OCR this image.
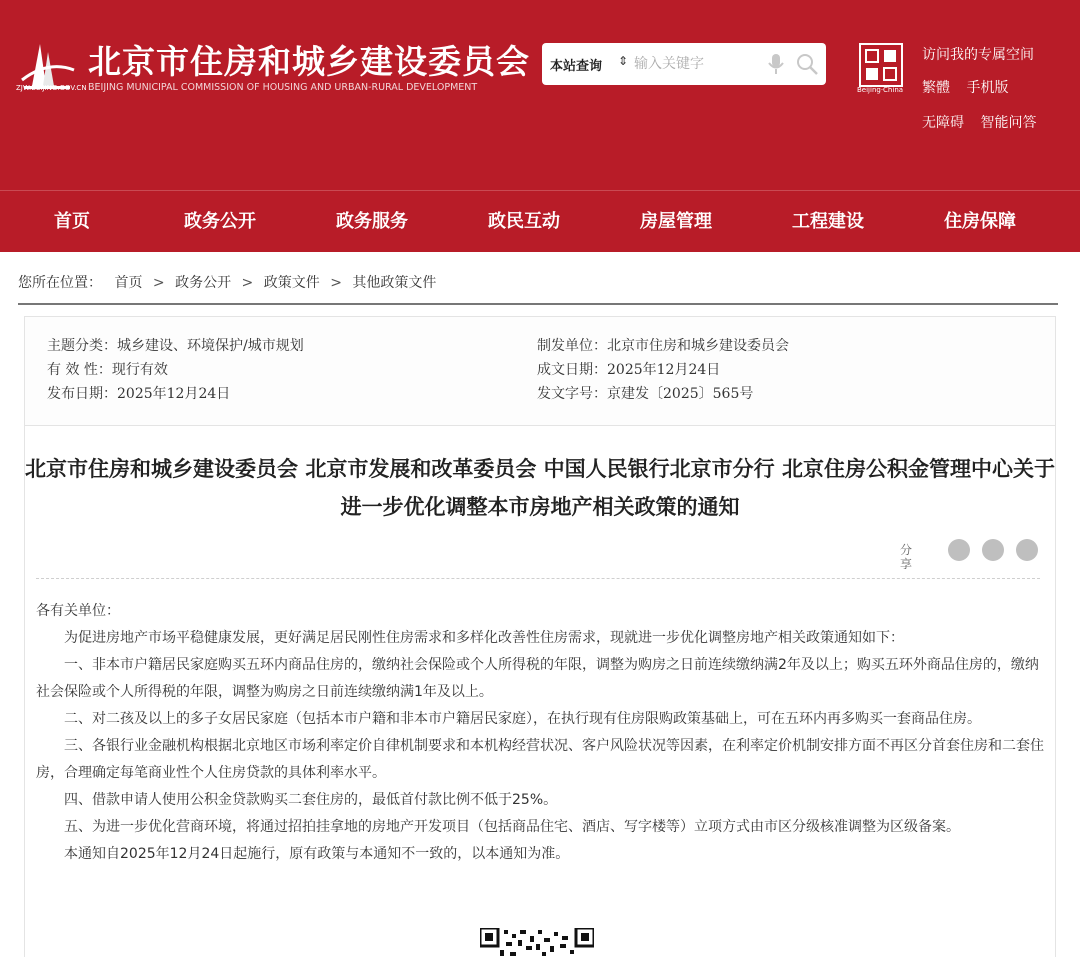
ZJW.BEIJING.GOV.CN
北京市住房和城乡建设委员会
BEIJING MUNICIPAL COMMISSION OF HOUSING AND URBAN-RURAL DEVELOPMENT
本站查询 ⇕
输入关键字
Beijing·China
访问我的专属空间
繁體 手机版
无障碍 智能问答
首页	政务公开	政务服务	政民互动	房屋管理	工程建设	住房保障
您所在位置： 首页 > 政务公开 > 政策文件 > 其他政策文件
主题分类：城乡建设、环境保护/城市规划
有 效 性：现行有效
发布日期：2025年12月24日
制发单位：北京市住房和城乡建设委员会
成文日期：2025年12月24日
发文字号：京建发〔2025〕565号
北京市住房和城乡建设委员会 北京市发展和改革委员会 中国人民银行北京市分行 北京住房公积金管理中心关于进一步优化调整本市房地产相关政策的通知
分享

各有关单位：

为促进房地产市场平稳健康发展，更好满足居民刚性住房需求和多样化改善性住房需求，现就进一步优化调整房地产相关政策通知如下：

一、非本市户籍居民家庭购买五环内商品住房的，缴纳社会保险或个人所得税的年限，调整为购房之日前连续缴纳满2年及以上；购买五环外商品住房的，缴纳社会保险或个人所得税的年限，调整为购房之日前连续缴纳满1年及以上。

二、对二孩及以上的多子女居民家庭（包括本市户籍和非本市户籍居民家庭），在执行现有住房限购政策基础上，可在五环内再多购买一套商品住房。

三、各银行业金融机构根据北京地区市场利率定价自律机制要求和本机构经营状况、客户风险状况等因素，在利率定价机制安排方面不再区分首套住房和二套住房，合理确定每笔商业性个人住房贷款的具体利率水平。

四、借款申请人使用公积金贷款购买二套住房的，最低首付款比例不低于25%。

五、为进一步优化营商环境，将通过招拍挂拿地的房地产开发项目（包括商品住宅、酒店、写字楼等）立项方式由市区分级核准调整为区级备案。

本通知自2025年12月24日起施行，原有政策与本通知不一致的，以本通知为准。
